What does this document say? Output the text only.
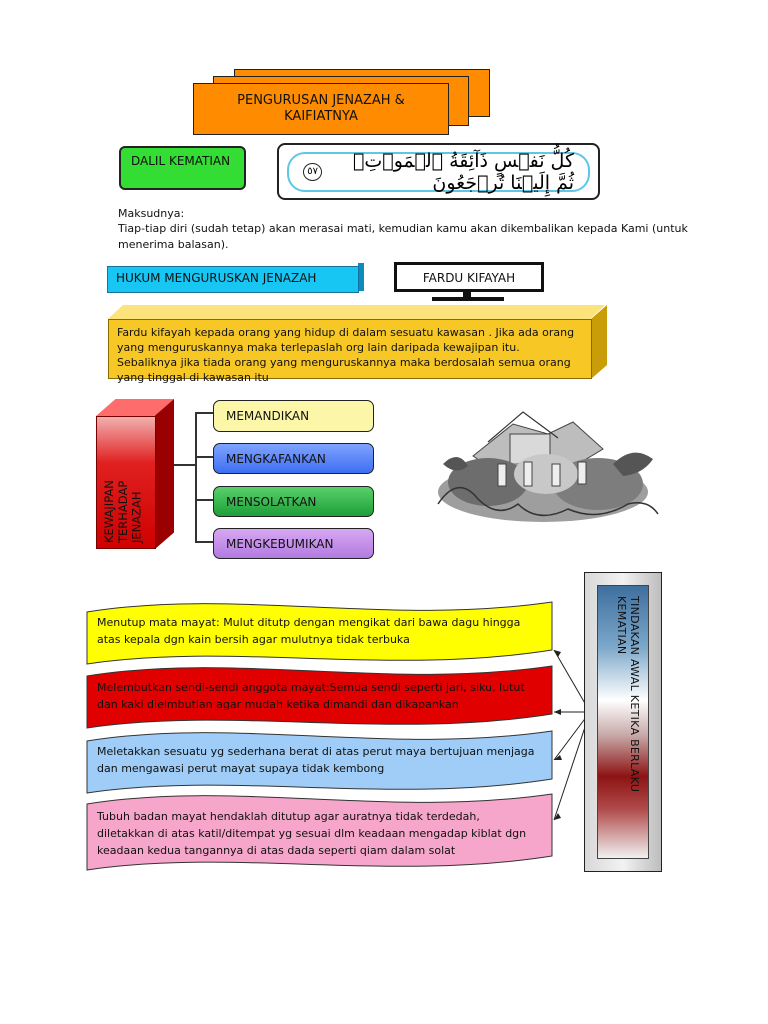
PENGURUSAN JENAZAH &
KAIFIATNYA
DALIL KEMATIAN	كُلُّ نَفۡسٍ ذَآئِقَةُ ٱلۡمَوۡتِۖ ثُمَّ إِلَيۡنَا تُرۡجَعُونَ
٥٧
Maksudnya:
Tiap-tiap diri (sudah tetap) akan merasai mati, kemudian kamu akan dikembalikan kepada Kami (untuk menerima balasan).
HUKUM MENGURUSKAN JENAZAH	FARDU KIFAYAH
Fardu kifayah kepada orang yang hidup di dalam sesuatu kawasan . Jika ada orang yang menguruskannya maka terlepaslah org lain daripada kewajipan itu. Sebaliknya jika tiada orang yang menguruskannya maka berdosalah semua orang yang tinggal di kawasan itu
KEWAJIPAN
TERHADAP
JENAZAH
MEMANDIKAN
MENGKAFANKAN
MENSOLATKAN
MENGKEBUMIKAN
Menutup mata mayat: Mulut ditutp dengan mengikat dari bawa dagu hingga atas kepala dgn kain bersih agar mulutnya tidak terbuka
Melembutkan sendi-sendi anggota mayat:Semua sendi seperti jari, siku, lutut dan kaki dielmbutlan agar mudah ketika dimandi dan dikapankan
Meletakkan sesuatu yg sederhana berat di atas perut maya bertujuan menjaga dan mengawasi perut mayat supaya tidak kembong
Tubuh badan mayat hendaklah ditutup agar auratnya tidak terdedah, diletakkan di atas katil/ditempat yg sesuai dlm keadaan mengadap kiblat dgn keadaan kedua tangannya di atas dada seperti qiam dalam solat
TINDAKAN AWAL KETIKA BERLAKU KEMATIAN
